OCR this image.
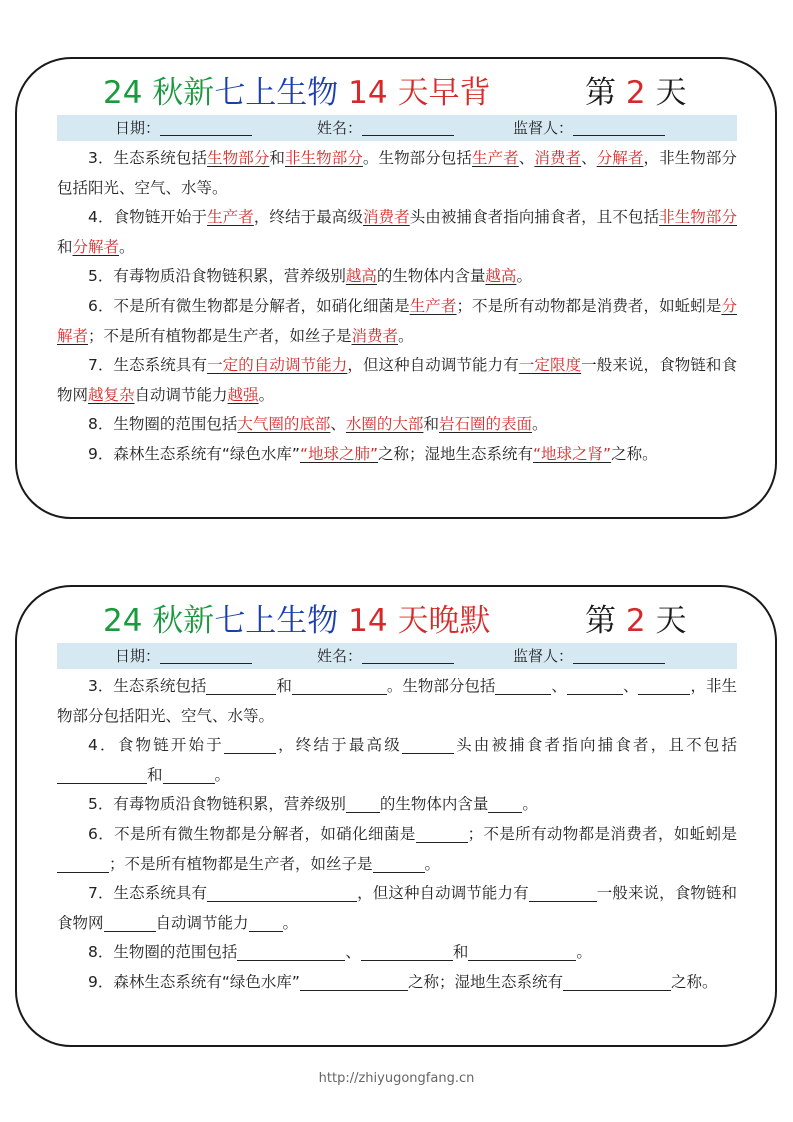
24 秋新七上生物 14 天早背	第 2 天
日期：	姓名：	监督人：

3．生态系统包括生物部分和非生物部分。生物部分包括生产者、消费者、分解者，非生物部分包括阳光、空气、水等。

4．食物链开始于生产者，终结于最高级消费者头由被捕食者指向捕食者，且不包括非生物部分和分解者。

5．有毒物质沿食物链积累，营养级别越高的生物体内含量越高。

6．不是所有微生物都是分解者，如硝化细菌是生产者；不是所有动物都是消费者，如蚯蚓是分解者；不是所有植物都是生产者，如丝子是消费者。

7．生态系统具有一定的自动调节能力，但这种自动调节能力有一定限度一般来说，食物链和食物网越复杂自动调节能力越强。

8．生物圈的范围包括大气圈的底部、水圈的大部和岩石圈的表面。

9．森林生态系统有“绿色水库”“地球之肺”之称；湿地生态系统有“地球之肾”之称。

24 秋新七上生物 14 天晚默	第 2 天
日期：	姓名：	监督人：

3．生态系统包括	和	。生物部分包括	、	、	，非生物部分包括阳光、空气、水等。

4．食物链开始于	，终结于最高级	头由被捕食者指向捕食者，且不包括和	。

5．有毒物质沿食物链积累，营养级别 的生物体内含量 。

6．不是所有微生物都是分解者，如硝化细菌是	；不是所有动物都是消费者，如蚯蚓是；不是所有植物都是生产者，如丝子是	。

7．生态系统具有	，但这种自动调节能力有	一般来说，食物链和食物网	自动调节能力 。

8．生物圈的范围包括	、	和	。

9．森林生态系统有“绿色水库”	之称；湿地生态系统有	之称。

http://zhiyugongfang.cn
